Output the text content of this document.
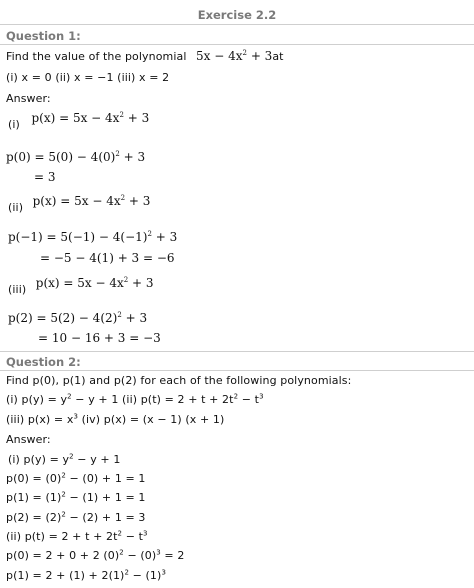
Exercise 2.2
Question 1:
Find the value of the polynomial $5x - 4x^2 + 3at$
(i) x = 0 (ii) x = −1 (iii) x = 2
Answer:
(i) $p(x) = 5x - 4x^2 + 3$
$p(0) = 5(0) - 4(0)^2 + 3$
= 3
(ii) $p(x) = 5x - 4x^2 + 3$
$p(-1) = 5(-1) - 4(-1)^2 + 3$
= −5 − 4(1) + 3 = −6
(iii) $p(x) = 5x - 4x^2 + 3$
$p(2) = 5(2) - 4(2)^2 + 3$
= 10 − 16 + 3 = −3
Question 2:
Find p(0), p(1) and p(2) for each of the following polynomials:
(i) $p(y) = y^2 - y + 1$ (ii) $p(t) = 2 + t + 2t^2 - t^3$
(iii) $p(x) = x^3$ (iv) p(x) = (x − 1) (x + 1)
Answer:
(i) $p(y) = y^2 - y + 1$
$p(0) = (0)^2 - (0) + 1 = 1$
$p(1) = (1)^2 - (1) + 1 = 1$
$p(2) = (2)^2 - (2) + 1 = 3$
(ii) $p(t) = 2 + t + 2t^2 - t^3$
p(0) = 2 + 0 + 2 $(0)^2 - (0)^3 = 2$
$p(1) = 2 + (1) + 2(1)^2 - (1)^3$
